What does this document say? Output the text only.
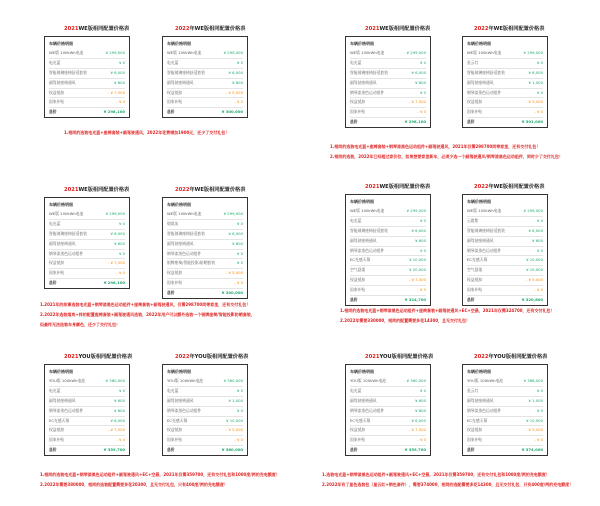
2021WE版相同配置价格表	2022年WE版相同配置价格表	2021WE版相同配置价格表	2022年WE版相同配置价格表
2021WE版相同配置价格表	2022年WE版相同配置价格表	2021WE版相同配置价格表	2022年WE版相同配置价格表
2021YOU版相同配置价格表	2022年YOU版相同配置价格表	2021YOU版相同配置价格表	2022年YOU版相同配置价格表
车辆价格明细
WE版 100kWh电池	¥ 299,000
电光蓝	¥ 0
智能玻璃座椅舒适套装	¥ 6,000
副驾驶座椅通风	¥ 600
权益抵扣	- ¥ 7,500
国家补贴	- ¥ 0
总价	¥ 298,100
车辆价格明细
WE版 100kWh电池	¥ 299,000
电光蓝	¥ 0
智能玻璃座椅舒适套装	¥ 6,000
副驾驶座椅通风	¥ 600
权益抵扣	- ¥ 5,000
国家补贴	- ¥ 0
总价	¥ 300,000
车辆价格明细
WE版 100kWh电池	¥ 299,000
电光蓝	¥ 0
智能玻璃座椅舒适套装	¥ 6,000
副驾驶座椅通风	¥ 600
钢琴漆黑色运动组件	¥ 0
权益抵扣	- ¥ 7,500
国家补贴	- ¥ 0
总价	¥ 298,100
车辆价格明细
WE版 100kWh电池	¥ 299,000
星云红	¥ 0
智能玻璃座椅舒适套装	¥ 6,000
副驾驶座椅通风	¥ 1,000
钢琴漆黑色运动组件	¥ 0
权益抵扣	- ¥ 5,000
国家补贴	- ¥ 0
总价	¥ 301,000
车辆价格明细
WE版 100kWh电池	¥ 299,000
电光蓝	¥ 0
智能玻璃座椅舒适套装	¥ 6,000
副驾驶座椅通风	¥ 600
钢琴漆黑色运动组件	¥ 0
权益抵扣	- ¥ 7,500
国家补贴	- ¥ 0
总价	¥ 298,100
车辆价格明细
WE版 100kWh电池	¥ 299,000
烟岚灰	¥ 0
智能玻璃座椅舒适套装	¥ 6,000
副驾驶座椅通风	¥ 600
钢琴漆黑色运动组件	¥ 0
银牌座椅/智能投影/防晒套装	¥ 0
权益抵扣	- ¥ 5,000
国家补贴	- ¥ 0
总价	¥ 300,000
车辆价格明细
WE版 100kWh电池	¥ 299,000
电光蓝	¥ 0
智能玻璃座椅舒适套装	¥ 6,000
副驾驶座椅通风	¥ 600
钢琴漆黑色运动组件	¥ 0
EC光感天幕	¥ 10,000
空气悬架	¥ 20,000
权益抵扣	- ¥ 7,500
国家补贴	- ¥ 0
总价	¥ 324,700
车辆价格明细
WE版 100kWh电池	¥ 299,000
云霞紫	¥ 0
智能玻璃座椅舒适套装	¥ 6,000
副驾驶座椅通风	¥ 600
钢琴漆黑色运动组件	¥ 0
EC光感天幕	¥ 10,000
空气悬架	¥ 10,000
权益抵扣	- ¥ 5,000
国家补贴	- ¥ 0
总价	¥ 320,600
车辆价格明细
YOU版 100kWh电池	¥ 360,000
电光蓝	¥ 0
副驾驶座椅通风	¥ 600
钢琴漆黑色运动组件	¥ 600
EC光感天幕	¥ 6,000
权益抵扣	- ¥ 7,500
国家补贴	- ¥ 0
总价	¥ 359,700
车辆价格明细
YOU版 100kWh电池	¥ 360,000
电光蓝	¥ 0
副驾驶座椅通风	¥ 1,000
钢琴漆黑色运动组件	¥ 0
EC光感天幕	¥ 10,000
权益抵扣	- ¥ 5,000
国家补贴	- ¥ 0
总价	¥ 360,000
车辆价格明细
YOU版 100kWh电池	¥ 360,000
电光蓝	¥ 0
副驾驶座椅通风	¥ 600
钢琴漆黑色运动组件	¥ 600
EC光感天幕	¥ 6,000
权益抵扣	- ¥ 7,500
国家补贴	- ¥ 0
总价	¥ 359,700
车辆价格明细
YOU版 100kWh电池	¥ 368,000
星云红	¥ 0
副驾驶座椅通风	¥ 1,000
钢琴漆黑色运动组件	¥ 0
EC光感天幕	¥ 10,000
权益抵扣	- ¥ 5,000
国家补贴	- ¥ 0
总价	¥ 374,000
1.相同的选装电光蓝+座椅套装+副驾驶通风，2022年花费增加1900元，还少了交付礼包！
1.相同的选装电光蓝+座椅套装+钢琴漆黑色运动组件+副驾驶通风，2021年仅需298700同等家里，还有交付礼包！
2.相同的选装，2022年已经超过家价位，如果想要家里新车，必须少选一个副驾驶通风/钢琴漆黑色运动组件，同时少了交付礼包！
1.2021年的故事选装电光蓝+钢琴漆黑色运动组件+座椅套装+副驾驶通风，仅需298700同等家里，还有交付礼包！
2.2022年选装烟岚+样的配置座椅套装+副驾驶通风选装，2022年用户可以额外选装一个银牌座椅/智能投影防晒套装，
但最终无法选装车身颜色，还少了交付礼包！
1.相同的选装电光蓝+钢琴漆黑色运动组件+座椅套装+副驾驶通风+EC+空悬，2021年仅需324700，还有交付礼包！
2.2022年需要330000，相同的配置需要多花14300，且无交付礼包！
1.相同的选装电光蓝+钢琴漆黑色运动组件+副驾驶通风+EC+空悬，2021年仅需359700，还有交付礼包和1000度/两的充电额度！
2.2022年需要380000，相同的选装配置需要多花20300，且无交付礼包，只有400度/两的充电额度！
1.选装电光蓝+钢琴漆黑色运动组件+副驾驶通风+EC+空悬，2021年仅需359700，还有交付礼包和1000度/两的充电额度！
2.2022年有了星色选装包（星云红+钢色套件），需要374000，相同的选配需要多花14300，且无交付礼包，只有400度/两的充电额度！
